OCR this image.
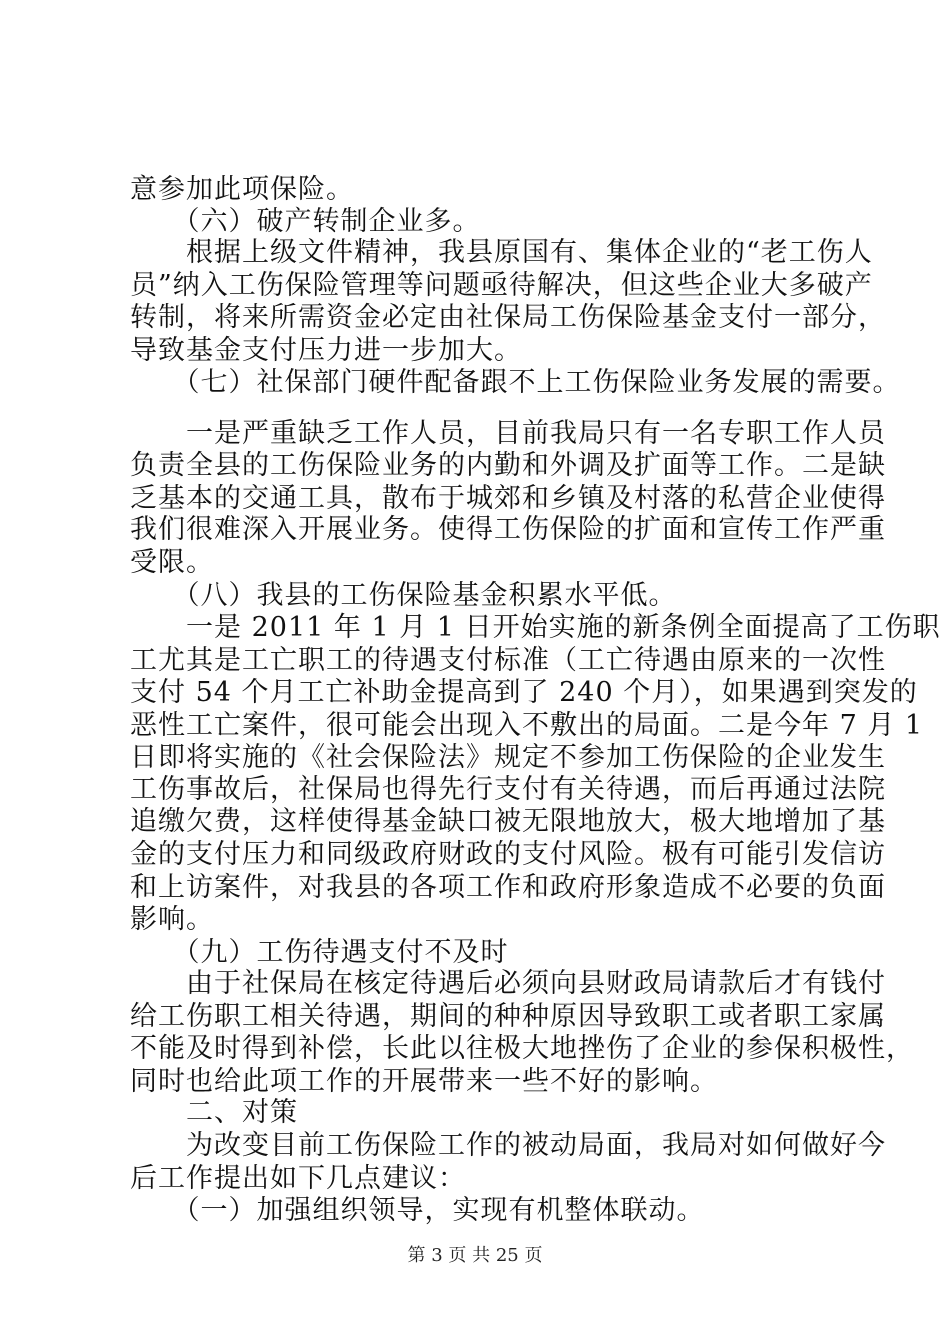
意参加此项保险。
　　（六）破产转制企业多。
　　根据上级文件精神，我县原国有、集体企业的“老工伤人
员”纳入工伤保险管理等问题亟待解决，但这些企业大多破产
转制，将来所需资金必定由社保局工伤保险基金支付一部分，
导致基金支付压力进一步加大。
　　（七）社保部门硬件配备跟不上工伤保险业务发展的需要。
　　一是严重缺乏工作人员，目前我局只有一名专职工作人员
负责全县的工伤保险业务的内勤和外调及扩面等工作。二是缺
乏基本的交通工具，散布于城郊和乡镇及村落的私营企业使得
我们很难深入开展业务。使得工伤保险的扩面和宣传工作严重
受限。
　　（八）我县的工伤保险基金积累水平低。
　　一是 2011 年 1 月 1 日开始实施的新条例全面提高了工伤职
工尤其是工亡职工的待遇支付标准（工亡待遇由原来的一次性
支付 54 个月工亡补助金提高到了 240 个月），如果遇到突发的
恶性工亡案件，很可能会出现入不敷出的局面。二是今年 7 月 1
日即将实施的《社会保险法》规定不参加工伤保险的企业发生
工伤事故后，社保局也得先行支付有关待遇，而后再通过法院
追缴欠费，这样使得基金缺口被无限地放大，极大地增加了基
金的支付压力和同级政府财政的支付风险。极有可能引发信访
和上访案件，对我县的各项工作和政府形象造成不必要的负面
影响。
　　（九）工伤待遇支付不及时
　　由于社保局在核定待遇后必须向县财政局请款后才有钱付
给工伤职工相关待遇，期间的种种原因导致职工或者职工家属
不能及时得到补偿，长此以往极大地挫伤了企业的参保积极性，
同时也给此项工作的开展带来一些不好的影响。
　　二、对策
　　为改变目前工伤保险工作的被动局面，我局对如何做好今
后工作提出如下几点建议：
　　（一）加强组织领导，实现有机整体联动。
第 3 页 共 25 页
